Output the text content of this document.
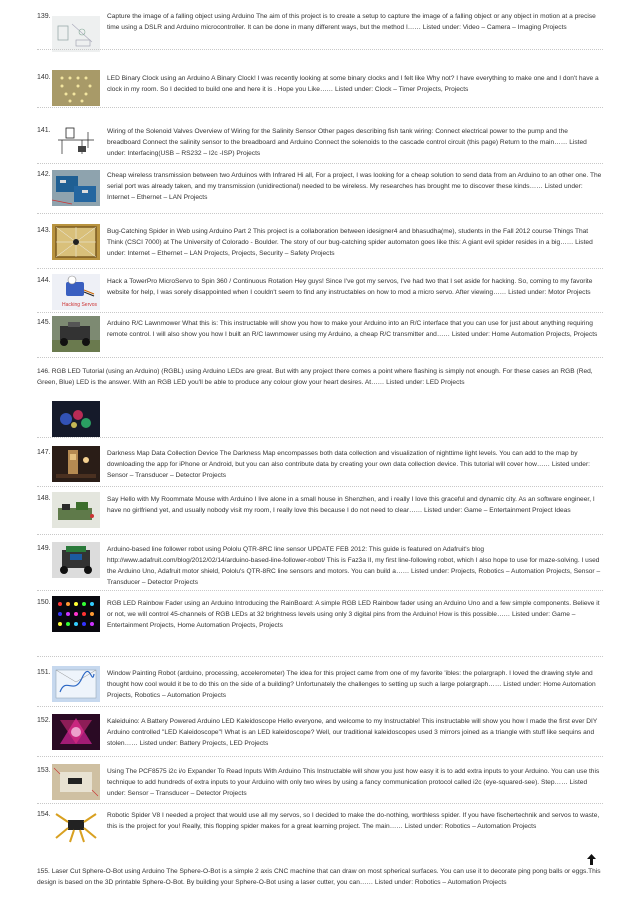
139.	Capture the image of a falling object using Arduino The aim of this project is to create a setup to capture the image of a falling object or any object in motion at a precise time using a DSLR and Arduino microcontroller. It can be done in many different ways, but the method I…… Listed under: Video – Camera – Imaging Projects
140.	LED Binary Clock using an Arduino A Binary Clock! I was recently looking at some binary clocks and I felt like Why not? I have everything to make one and I don't have a clock in my room. So I decided to build one and here it is . Hope you Like…… Listed under: Clock – Timer Projects, Projects
141.	Wiring of the Solenoid Valves Overview of Wiring for the Salinity Sensor Other pages describing fish tank wiring: Connect electrical power to the pump and the breadboard Connect the salinity sensor to the breadboard and Arduino Connect the solenoids to the cascade control circuit (this page) Return to the main…… Listed under: Interfacing(USB – RS232 – I2c -ISP) Projects
142.	Cheap wireless transmission between two Arduinos with Infrared Hi all, For a project, I was looking for a cheap solution to send data from an Arduino to an other one. The serial port was already taken, and my transmission (unidirectional) needed to be wireless. My researches has brought me to discover these kinds…… Listed under: Internet – Ethernet – LAN Projects
143.	Bug-Catching Spider in Web using Arduino Part 2 This project is a collaboration between idesigner4 and bhasudha(me), students in the Fall 2012 course Things That Think (CSCI 7000) at The University of Colorado - Boulder. The story of our bug-catching spider automaton goes like this: A giant evil spider resides in a big…… Listed under: Internet – Ethernet – LAN Projects, Projects, Security – Safety Projects
144.
Hacking Servos
Hack a TowerPro MicroServo to Spin 360 / Continuous Rotation Hey guys! Since I've got my servos, I've had two that I set aside for hacking. So, coming to my favorite website for help, I was sorely disappointed when I couldn't seem to find any instructables on how to mod a micro servo. After viewing…… Listed under: Motor Projects
145.	Arduino R/C Lawnmower What this is: This instructable will show you how to make your Arduino into an R/C interface that you can use for just about anything requiring remote control. I will also show you how I built an R/C lawnmower using my Arduino, a cheap R/C transmitter and…… Listed under: Home Automation Projects, Projects
146. RGB LED Tutorial (using an Arduino) (RGBL) using Arduino LEDs are great. But with any project there comes a point where flashing is simply not enough. For these cases an RGB (Red, Green, Blue) LED is the answer. With an RGB LED you'll be able to produce any colour glow your heart desires. At…… Listed under: LED Projects
147.	Darkness Map Data Collection Device The Darkness Map encompasses both data collection and visualization of nighttime light levels. You can add to the map by downloading the app for iPhone or Android, but you can also contribute data by creating your own data collection device. This tutorial will cover how…… Listed under: Sensor – Transducer – Detector Projects
148.	Say Hello with My Roommate Mouse with Arduino I live alone in a small house in Shenzhen, and i really I love this graceful and dynamic city. As an software engineer, I have no girlfriend yet, and usually nobody visit my room, I really love this because I do not need to clear…… Listed under: Game – Entertainment Project Ideas
149.	Arduino-based line follower robot using Pololu QTR-8RC line sensor UPDATE FEB 2012: This guide is featured on Adafruit's blog http://www.adafruit.com/blog/2012/02/14/arduino-based-line-follower-robot/ This is Faz3a II, my first line-following robot, which I also hope to use for maze-solving. I used the Arduino Uno, Adafruit motor shield, Pololu's QTR-8RC line sensors and motors. You can build a…… Listed under: Projects, Robotics – Automation Projects, Sensor – Transducer – Detector Projects
150.	RGB LED Rainbow Fader using an Arduino Introducing the RainBoard: A simple RGB LED Rainbow fader using an Arduino Uno and a few simple components. Believe it or not, we will control 45-channels of RGB LEDs at 32 brightness levels using only 3 digital pins from the Arduino! How is this possible…… Listed under: Game – Entertainment Projects, Home Automation Projects, Projects
151.	Window Painting Robot (arduino, processing, accelerometer) The idea for this project came from one of my favorite 'ibles: the polargraph. I loved the drawing style and thought how cool would it be to do this on the side of a building? Unfortunately the challenges to setting up such a large polargraph…… Listed under: Home Automation Projects, Robotics – Automation Projects
152.	Kaleiduino: A Battery Powered Arduino LED Kaleidoscope Hello everyone, and welcome to my Instructable! This instructable will show you how I made the first ever DIY Arduino controlled "LED Kaleidoscope"! What is an LED kaleidoscope? Well, our traditional kaleidoscopes used 3 mirrors joined as a triangle with stuff like sequins and stolen…… Listed under: Battery Projects, LED Projects
153.	Using The PCF8575 i2c i/o Expander To Read Inputs With Arduino This Instructable will show you just how easy it is to add extra inputs to your Arduino. You can use this technique to add hundreds of extra inputs to your Arduino with only two wires by using a fancy communication protocol called i2c (eye-squared-see). Step…… Listed under: Sensor – Transducer – Detector Projects
154.	Robotic Spider V8 I needed a project that would use all my servos, so I decided to make the do-nothing, worthless spider. If you have fischertechnik and servos to waste, this is the project for you! Really, this flopping spider makes for a great learning project. The main…… Listed under: Robotics – Automation Projects
155. Laser Cut Sphere-O-Bot using Arduino The Sphere-O-Bot is a simple 2 axis CNC machine that can draw on most spherical surfaces. You can use it to decorate ping pong balls or eggs.This design is based on the 3D printable Sphere-O-Bot. By building your Sphere-O-Bot using a laser cutter, you can…… Listed under: Robotics – Automation Projects
